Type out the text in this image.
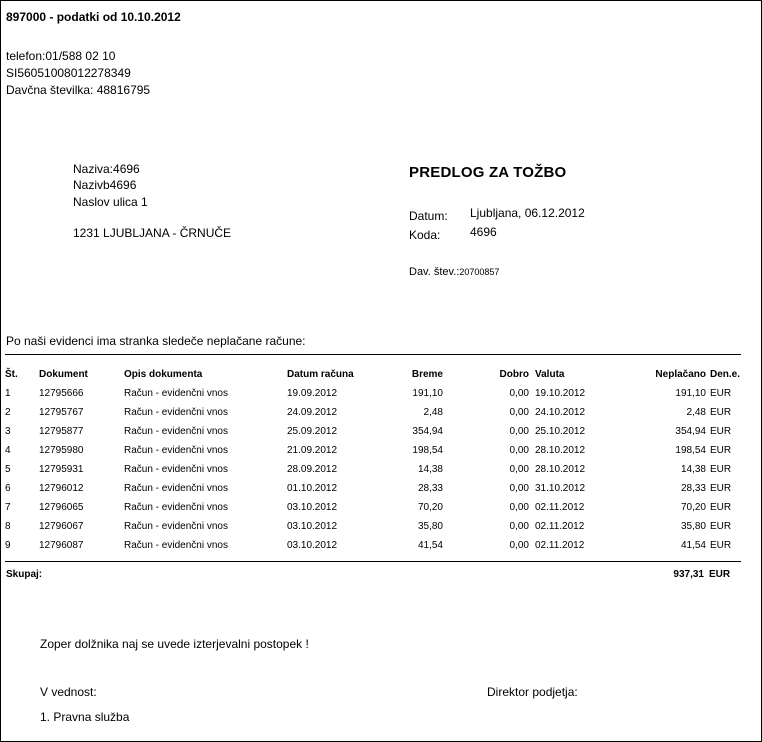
897000 - podatki od 10.10.2012
telefon:01/588 02 10
SI56051008012278349
Davčna številka: 48816795
Naziva:4696
Nazivb4696
Naslov ulica 1
1231 LJUBLJANA - ČRNUČE
PREDLOG ZA TOŽBO
Datum: Ljubljana, 06.12.2012
Koda: 4696
Dav. štev.:20700857
Po naši evidenci ima stranka sledeče neplačane račune:
Št.	Dokument	Opis dokumenta	Datum računa	Breme	Dobro	Valuta	Neplačano	Den.e.
1	12795666	Račun - evidenčni vnos	19.09.2012	191,10	0,00	19.10.2012	191,10	EUR
2	12795767	Račun - evidenčni vnos	24.09.2012	2,48	0,00	24.10.2012	2,48	EUR
3	12795877	Račun - evidenčni vnos	25.09.2012	354,94	0,00	25.10.2012	354,94	EUR
4	12795980	Račun - evidenčni vnos	21.09.2012	198,54	0,00	28.10.2012	198,54	EUR
5	12795931	Račun - evidenčni vnos	28.09.2012	14,38	0,00	28.10.2012	14,38	EUR
6	12796012	Račun - evidenčni vnos	01.10.2012	28,33	0,00	31.10.2012	28,33	EUR
7	12796065	Račun - evidenčni vnos	03.10.2012	70,20	0,00	02.11.2012	70,20	EUR
8	12796067	Račun - evidenčni vnos	03.10.2012	35,80	0,00	02.11.2012	35,80	EUR
9	12796087	Račun - evidenčni vnos	03.10.2012	41,54	0,00	02.11.2012	41,54	EUR
Skupaj:	937,31 EUR
Zoper dolžnika naj se uvede izterjevalni postopek !
V vednost:	Direktor podjetja:
1. Pravna služba
